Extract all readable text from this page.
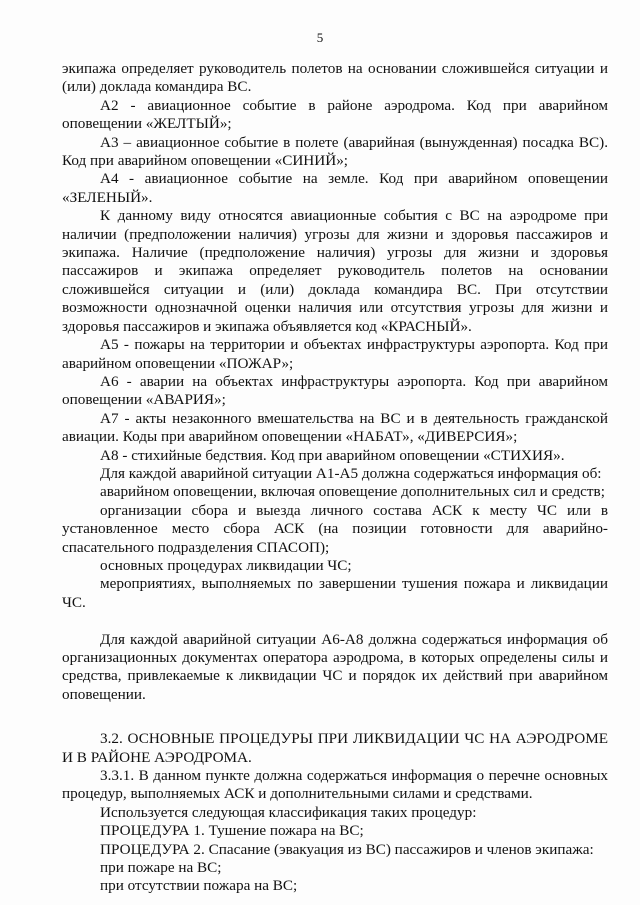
5

экипажа определяет руководитель полетов на основании сложившейся ситуации и (или) доклада командира ВС.

А2 - авиационное событие в районе аэродрома. Код при аварийном оповещении «ЖЕЛТЫЙ»;

А3 – авиационное событие в полете (аварийная (вынужденная) посадка ВС). Код при аварийном оповещении «СИНИЙ»;

А4 - авиационное событие на земле. Код при аварийном оповещении «ЗЕЛЕНЫЙ».

К данному виду относятся авиационные события с ВС на аэродроме при наличии (предположении наличия) угрозы для жизни и здоровья пассажиров и экипажа. Наличие (предположение наличия) угрозы для жизни и здоровья пассажиров и экипажа определяет руководитель полетов на основании сложившейся ситуации и (или) доклада командира ВС. При отсутствии возможности однозначной оценки наличия или отсутствия угрозы для жизни и здоровья пассажиров и экипажа объявляется код «КРАСНЫЙ».

А5 - пожары на территории и объектах инфраструктуры аэропорта. Код при аварийном оповещении «ПОЖАР»;

А6 - аварии на объектах инфраструктуры аэропорта. Код при аварийном оповещении «АВАРИЯ»;

А7 - акты незаконного вмешательства на ВС и в деятельность гражданской авиации. Коды при аварийном оповещении «НАБАТ», «ДИВЕРСИЯ»;

А8 - стихийные бедствия. Код при аварийном оповещении «СТИХИЯ».

Для каждой аварийной ситуации А1-А5 должна содержаться информация об:

аварийном оповещении, включая оповещение дополнительных сил и средств;

организации сбора и выезда личного состава АСК к месту ЧС или в установленное место сбора АСК (на позиции готовности для аварийно-спасательного подразделения СПАСОП);

основных процедурах ликвидации ЧС;

мероприятиях, выполняемых по завершении тушения пожара и ликвидации ЧС.

Для каждой аварийной ситуации А6-А8 должна содержаться информация об организационных документах оператора аэродрома, в которых определены силы и средства, привлекаемые к ликвидации ЧС и порядок их действий при аварийном оповещении.

3.2. ОСНОВНЫЕ ПРОЦЕДУРЫ ПРИ ЛИКВИДАЦИИ ЧС НА АЭРОДРОМЕ И В РАЙОНЕ АЭРОДРОМА.

3.3.1. В данном пункте должна содержаться информация о перечне основных процедур, выполняемых АСК и дополнительными силами и средствами.

Используется следующая классификация таких процедур:

ПРОЦЕДУРА 1. Тушение пожара на ВС;

ПРОЦЕДУРА 2. Спасание (эвакуация из ВС) пассажиров и членов экипажа:

при пожаре на ВС;

при отсутствии пожара на ВС;
